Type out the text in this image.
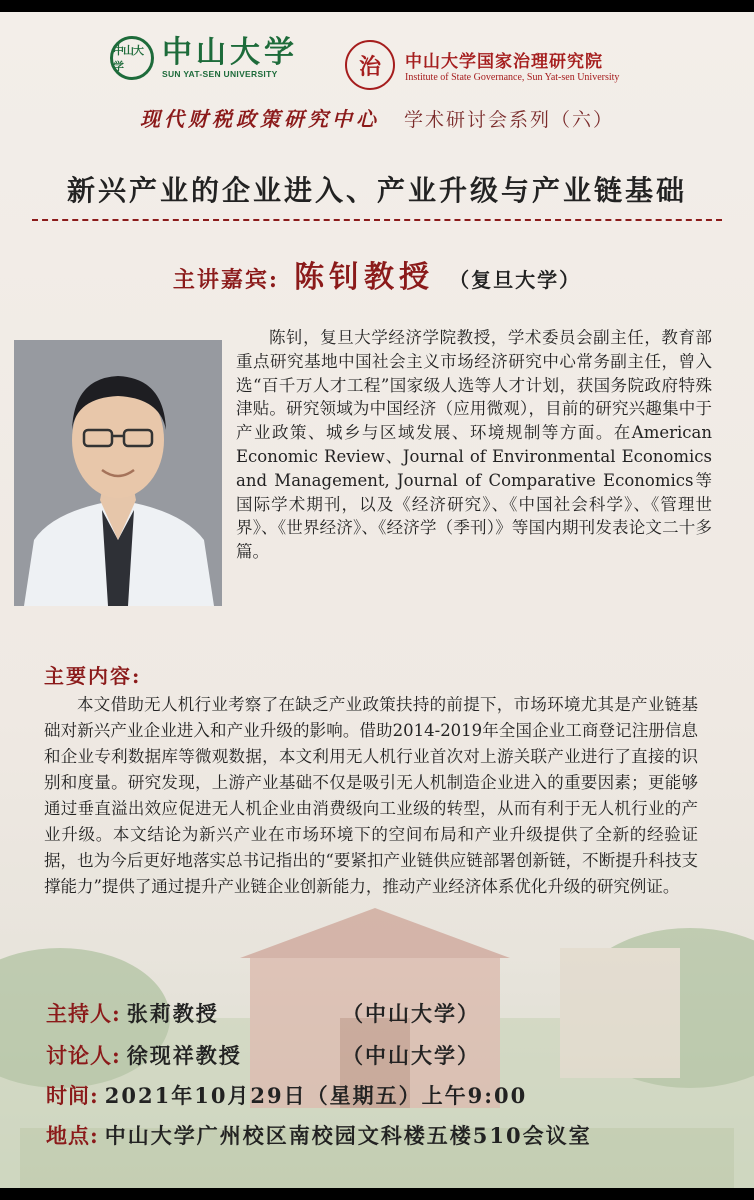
中山大学	中山大学
SUN YAT-SEN UNIVERSITY	治	中山大学国家治理研究院
Institute of State Governance, Sun Yat-sen University
现代财税政策研究中心 学术研讨会系列（六）
新兴产业的企业进入、产业升级与产业链基础
主讲嘉宾: 陈钊教授 （复旦大学）

陈钊，复旦大学经济学院教授，学术委员会副主任，教育部重点研究基地中国社会主义市场经济研究中心常务副主任，曾入选“百千万人才工程”国家级人选等人才计划，获国务院政府特殊津贴。研究领域为中国经济（应用微观），目前的研究兴趣集中于产业政策、城乡与区域发展、环境规制等方面。在American Economic Review、Journal of Environmental Economics and Management, Journal of Comparative Economics等国际学术期刊，以及《经济研究》、《中国社会科学》、《管理世界》、《世界经济》、《经济学（季刊）》等国内期刊发表论文二十多篇。

主要内容:

本文借助无人机行业考察了在缺乏产业政策扶持的前提下，市场环境尤其是产业链基础对新兴产业企业进入和产业升级的影响。借助2014-2019年全国企业工商登记注册信息和企业专利数据库等微观数据，本文利用无人机行业首次对上游关联产业进行了直接的识别和度量。研究发现，上游产业基础不仅是吸引无人机制造企业进入的重要因素；更能够通过垂直溢出效应促进无人机企业由消费级向工业级的转型，从而有利于无人机行业的产业升级。本文结论为新兴产业在市场环境下的空间布局和产业升级提供了全新的经验证据，也为今后更好地落实总书记指出的“要紧扣产业链供应链部署创新链，不断提升科技支撑能力”提供了通过提升产业链企业创新能力，推动产业经济体系优化升级的研究例证。

主持人: 张莉教授	（中山大学）
讨论人: 徐现祥教授	（中山大学）
时间: 2021年10月29日（星期五）上午9:00
地点: 中山大学广州校区南校园文科楼五楼510会议室
